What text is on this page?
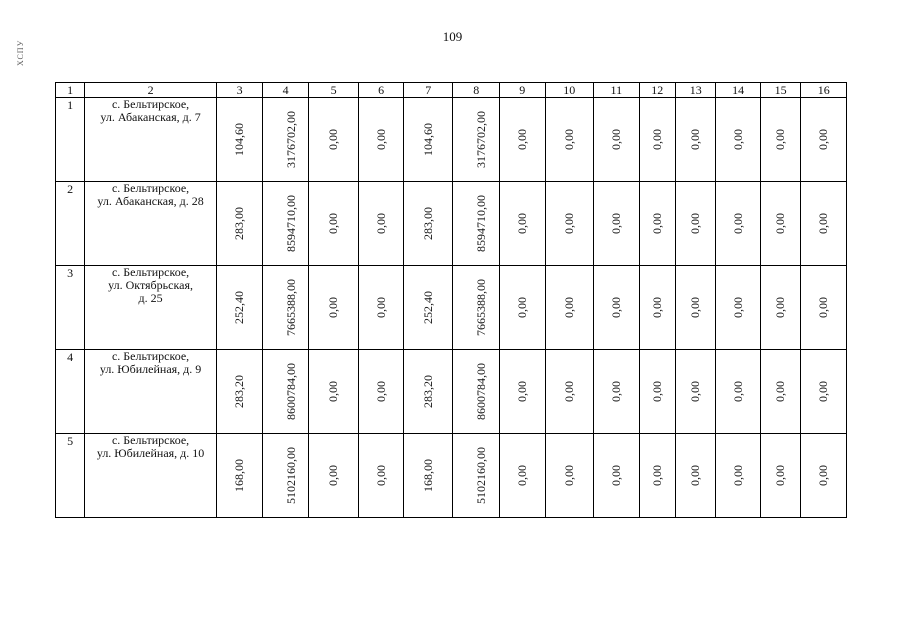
109
ХСПУ
1	2	3	4	5	6	7	8	9	10	11	12	13	14	15	16
1	с. Бельтирское,
ул. Абаканская, д. 7	104,60	3176702,00	0,00	0,00	104,60	3176702,00	0,00	0,00	0,00	0,00	0,00	0,00	0,00	0,00
2	с. Бельтирское,
ул. Абаканская, д. 28	283,00	8594710,00	0,00	0,00	283,00	8594710,00	0,00	0,00	0,00	0,00	0,00	0,00	0,00	0,00
3	с. Бельтирское,
ул. Октябрьская,
д. 25	252,40	7665388,00	0,00	0,00	252,40	7665388,00	0,00	0,00	0,00	0,00	0,00	0,00	0,00	0,00
4	с. Бельтирское,
ул. Юбилейная, д. 9	283,20	8600784,00	0,00	0,00	283,20	8600784,00	0,00	0,00	0,00	0,00	0,00	0,00	0,00	0,00
5	с. Бельтирское,
ул. Юбилейная, д. 10	168,00	5102160,00	0,00	0,00	168,00	5102160,00	0,00	0,00	0,00	0,00	0,00	0,00	0,00	0,00
